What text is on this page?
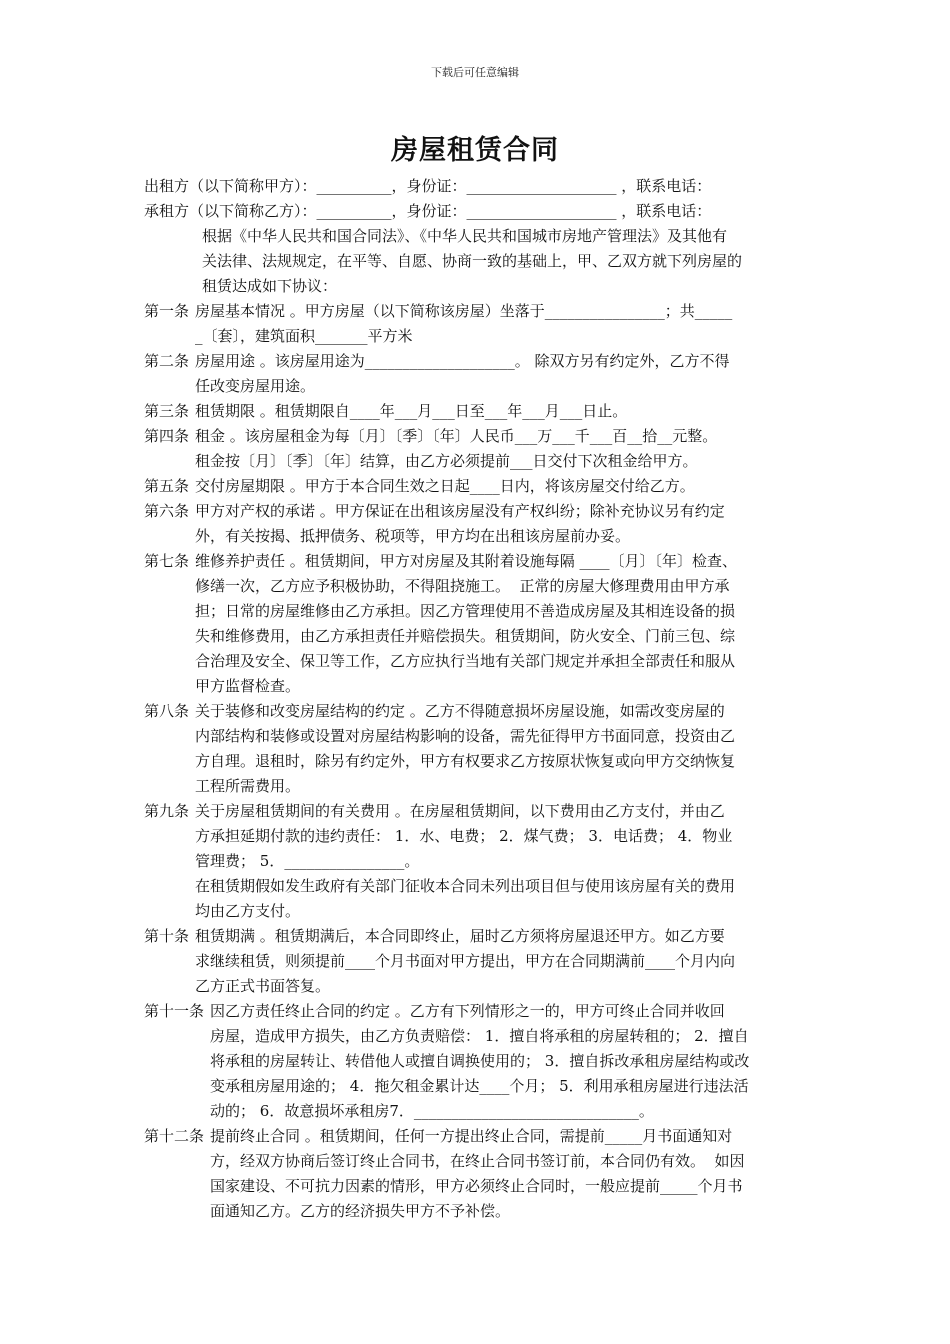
下载后可任意编辑
房屋租赁合同
出租方（以下简称甲方）：__________，身份证：____________________ ，联系电话：
承租方（以下简称乙方）：__________，身份证：____________________ ，联系电话：
根据《中华人民共和国合同法》、《中华人民共和国城市房地产管理法》及其他有
关法律、法规规定，在平等、自愿、协商一致的基础上，甲、乙双方就下列房屋的
租赁达成如下协议：
第一条 房屋基本情况 。甲方房屋（以下简称该房屋）坐落于________________；共_____
_〔套〕，建筑面积_______平方米
第二条 房屋用途 。该房屋用途为____________________。 除双方另有约定外，乙方不得
任改变房屋用途。
第三条 租赁期限 。租赁期限自____年___月___日至___年___月___日止。
第四条 租金 。该房屋租金为每〔月〕〔季〕〔年〕人民币___万___千___百__拾__元整。
租金按〔月〕〔季〕〔年〕结算，由乙方必须提前___日交付下次租金给甲方。
第五条 交付房屋期限 。甲方于本合同生效之日起____日内，将该房屋交付给乙方。
第六条 甲方对产权的承诺 。甲方保证在出租该房屋没有产权纠纷；除补充协议另有约定
外，有关按揭、抵押债务、税项等，甲方均在出租该房屋前办妥。
第七条 维修养护责任 。租赁期间，甲方对房屋及其附着设施每隔 ____〔月〕〔年〕检查、
修缮一次，乙方应予积极协助，不得阻挠施工。  正常的房屋大修理费用由甲方承
担；日常的房屋维修由乙方承担。因乙方管理使用不善造成房屋及其相连设备的损
失和维修费用，由乙方承担责任并赔偿损失。租赁期间，防火安全、门前三包、综
合治理及安全、保卫等工作，乙方应执行当地有关部门规定并承担全部责任和服从
甲方监督检查。
第八条 关于装修和改变房屋结构的约定 。乙方不得随意损坏房屋设施，如需改变房屋的
内部结构和装修或设置对房屋结构影响的设备，需先征得甲方书面同意，投资由乙
方自理。退租时，除另有约定外，甲方有权要求乙方按原状恢复或向甲方交纳恢复
工程所需费用。
第九条 关于房屋租赁期间的有关费用 。在房屋租赁期间，以下费用由乙方支付，并由乙
方承担延期付款的违约责任： 1．水、电费； 2．煤气费； 3．电话费； 4．物业
管理费； 5．________________。
在租赁期假如发生政府有关部门征收本合同未列出项目但与使用该房屋有关的费用
均由乙方支付。
第十条 租赁期满 。租赁期满后，本合同即终止，届时乙方须将房屋退还甲方。如乙方要
求继续租赁，则须提前____个月书面对甲方提出，甲方在合同期满前____个月内向
乙方正式书面答复。
第十一条 因乙方责任终止合同的约定 。乙方有下列情形之一的，甲方可终止合同并收回
房屋，造成甲方损失，由乙方负责赔偿： 1．擅自将承租的房屋转租的； 2．擅自
将承租的房屋转让、转借他人或擅自调换使用的； 3．擅自拆改承租房屋结构或改
变承租房屋用途的； 4．拖欠租金累计达____个月； 5．利用承租房屋进行违法活
动的； 6．故意损坏承租房7．______________________________。
第十二条 提前终止合同 。租赁期间，任何一方提出终止合同，需提前_____月书面通知对
方，经双方协商后签订终止合同书，在终止合同书签订前，本合同仍有效。  如因
国家建设、不可抗力因素的情形，甲方必须终止合同时，一般应提前_____个月书
面通知乙方。乙方的经济损失甲方不予补偿。
